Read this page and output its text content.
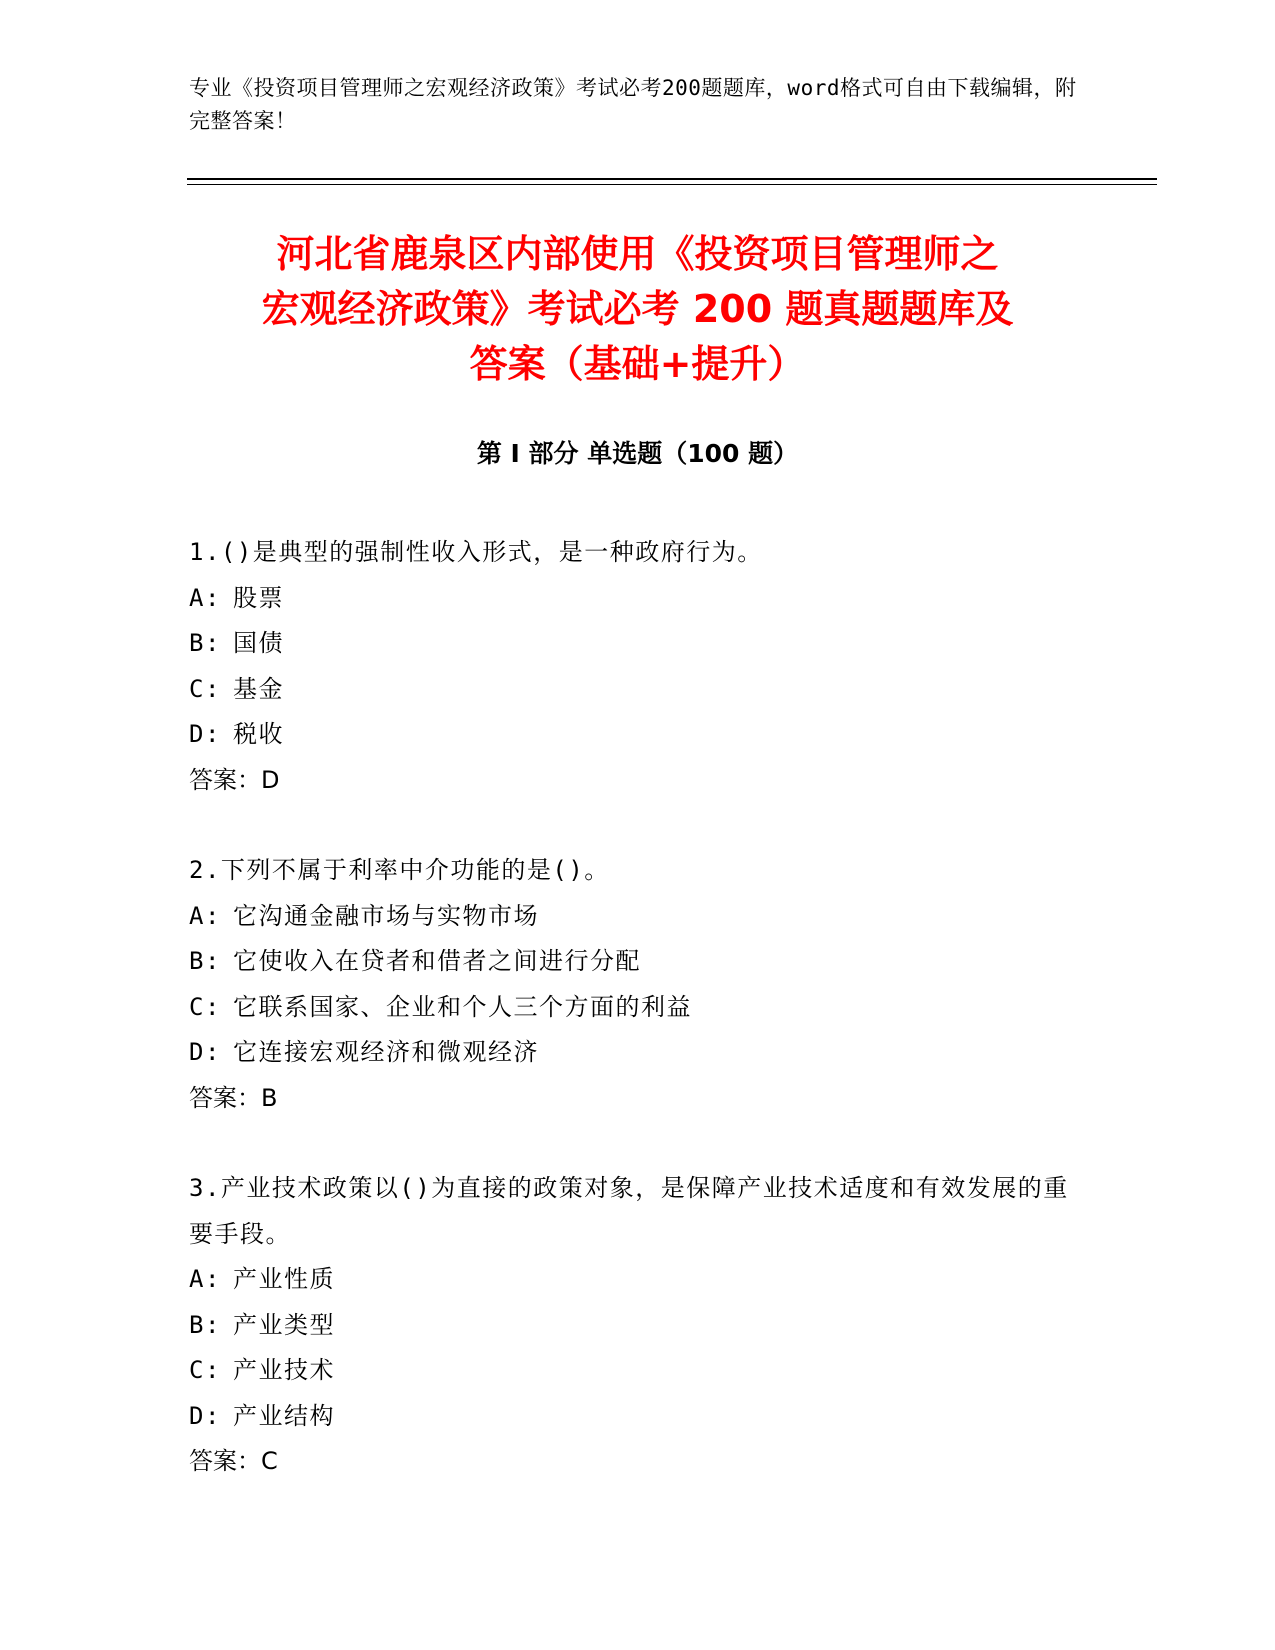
专业《投资项目管理师之宏观经济政策》考试必考200题题库，word格式可自由下载编辑，附完整答案！
河北省鹿泉区内部使用《投资项目管理师之
宏观经济政策》考试必考 200 题真题题库及
答案（基础+提升）
第 I 部分 单选题（100 题）
1.()是典型的强制性收入形式，是一种政府行为。
A: 股票
B: 国债
C: 基金
D: 税收
答案：D
2.下列不属于利率中介功能的是()。
A: 它沟通金融市场与实物市场
B: 它使收入在贷者和借者之间进行分配
C: 它联系国家、企业和个人三个方面的利益
D: 它连接宏观经济和微观经济
答案：B
3.产业技术政策以()为直接的政策对象，是保障产业技术适度和有效发展的重要手段。
A: 产业性质
B: 产业类型
C: 产业技术
D: 产业结构
答案：C
